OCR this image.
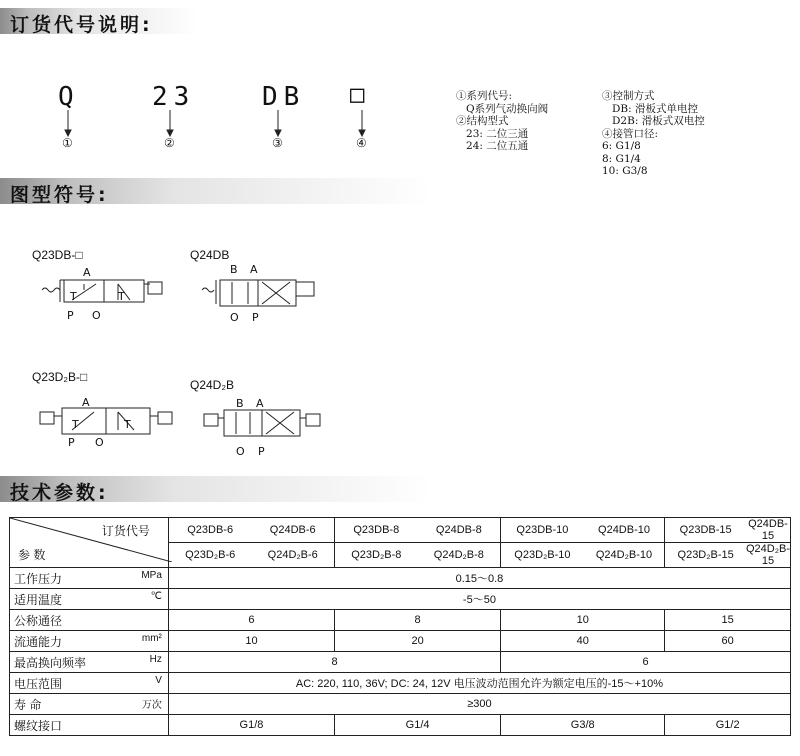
订货代号说明:
Q	23	DB □
①	②	③	④
①系列代号:
Q系列气动换向阀
②结构型式
23: 二位三通
24: 二位五通
③控制方式
DB: 滑板式单电控
D2B: 滑板式双电控
④接管口径:
6: G1/8
8: G1/4
10: G3/8

图型符号:
Q23DB-□	Q24DB
Q23D₂B-□
Q24D₂B
A
P O
T	T
B A
O P
A
P O
T	T
B A
O P
技术参数:
订货代号
参 数	Q23DB-6	Q24DB-6	Q23DB-8	Q24DB-8	Q23DB-10	Q24DB-10	Q23DB-15	Q24DB-15
	Q23D₂B-6	Q24D₂B-6	Q23D₂B-8	Q24D₂B-8	Q23D₂B-10	Q24D₂B-10	Q23D₂B-15	Q24D₂B-15
工作压力 MPa	0.15～0.8							
适用温度 ℃	-5～50							
公称通径	6		8		10		15	
流通能力 mm²	10		20		40		60	
最高换向频率 Hz	8				6			
电压范围 V	AC: 220, 110, 36V; DC: 24, 12V 电压波动范围允许为额定电压的-15～+10%							
寿 命 万次	≥300							
螺纹接口	G1/8		G1/4		G3/8		G1/2	
